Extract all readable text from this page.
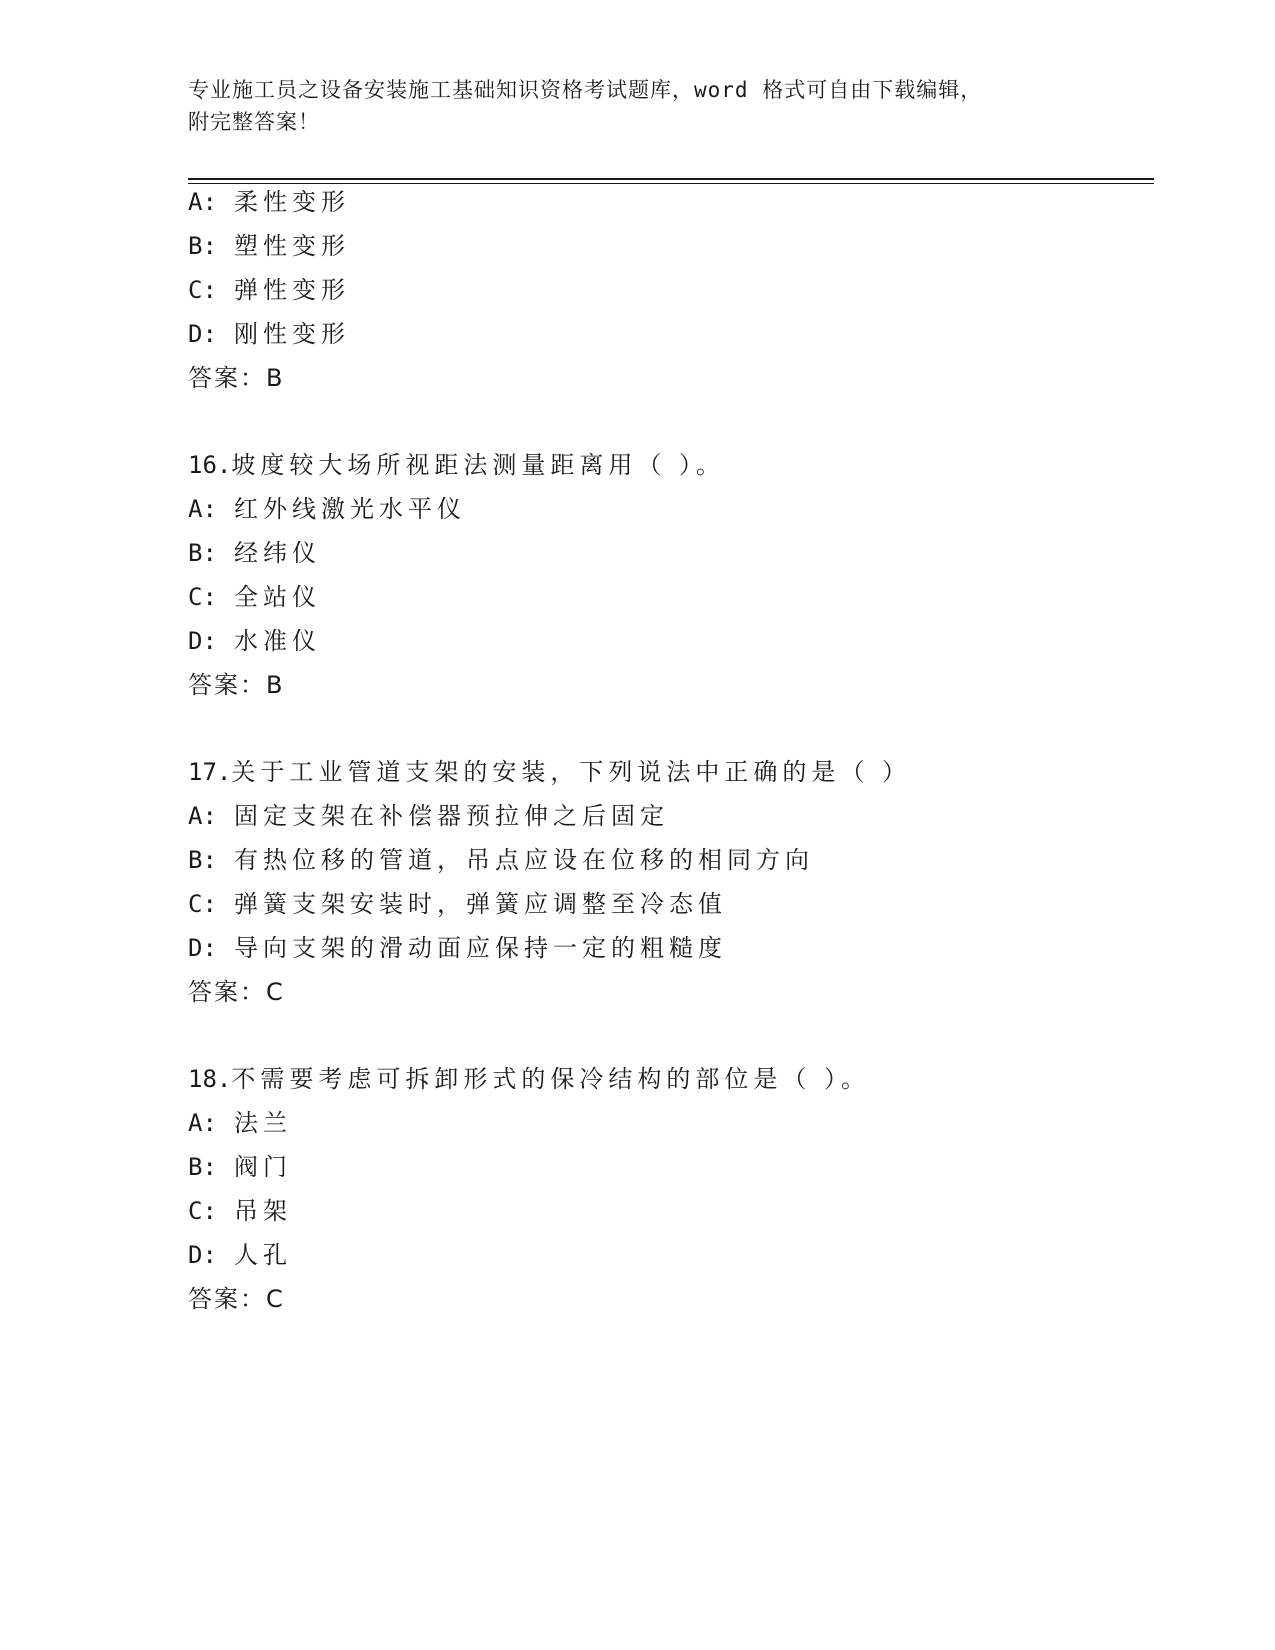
专业施工员之设备安装施工基础知识资格考试题库，word 格式可自由下载编辑，
附完整答案！
A: 柔性变形
B: 塑性变形
C: 弹性变形
D: 刚性变形
答案：B
16.坡度较大场所视距法测量距离用（ ）。
A: 红外线激光水平仪
B: 经纬仪
C: 全站仪
D: 水准仪
答案：B
17.关于工业管道支架的安装，下列说法中正确的是（ ）
A: 固定支架在补偿器预拉伸之后固定
B: 有热位移的管道，吊点应设在位移的相同方向
C: 弹簧支架安装时，弹簧应调整至冷态值
D: 导向支架的滑动面应保持一定的粗糙度
答案：C
18.不需要考虑可拆卸形式的保冷结构的部位是（ ）。
A: 法兰
B: 阀门
C: 吊架
D: 人孔
答案：C
